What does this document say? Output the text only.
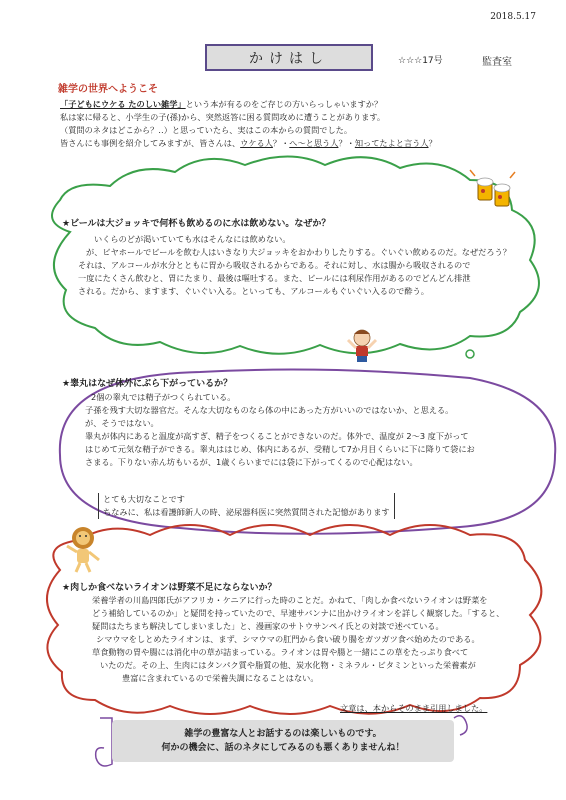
2018.5.17
かけはし	☆☆☆17号	監査室
雑学の世界へようこそ
「子どもにウケる たのしい雑学」という本が有るのをご存じの方いらっしゃいますか？
私は家に帰ると、小学生の子(孫)から、突然返答に困る質問攻めに遭うことがあります。
（質問のネタはどこから？‥）と思っていたら、実はこの本からの質問でした。
皆さんにも事例を紹介してみますが、皆さんは、ウケる人？・へ～と思う人？・知ってたよと言う人？
★ビールは大ジョッキで何杯も飲めるのに水は飲めない。なぜか？
いくらのどが渇いていても水はそんなには飲めない。
が、ビヤホールでビールを飲む人はいきなり大ジョッキをおかわりしたりする。ぐいぐい飲めるのだ。なぜだろう？
それは、アルコールが水分とともに胃から吸収されるからである。それに対し、水は腸から吸収されるので
一度にたくさん飲むと、胃にたまり、最後は嘔吐する。また、ビールには利尿作用があるのでどんどん排泄
される。だから、ますます、ぐいぐい入る。といっても、アルコールもぐいぐい入るので酔う。
★睾丸はなぜ体外にぶら下がっているか？
2個の睾丸では精子がつくられている。
子孫を残す大切な器官だ。そんな大切なものなら体の中にあった方がいいのではないか、と思える。
が、そうではない。
睾丸が体内にあると温度が高すぎ、精子をつくることができないのだ。体外で、温度が 2～3 度下がって
はじめて元気な精子ができる。睾丸ははじめ、体内にあるが、受精して7か月目くらいに下に降りて袋にお
さまる。下りない赤ん坊もいるが、1歳くらいまでには袋に下がってくるので心配はない。
とても大切なことです
ちなみに、私は看護師新人の時、泌尿器科医に突然質問された記憶があります
★肉しか食べないライオンは野菜不足にならないか？
栄養学者の川島四郎氏がアフリカ・ケニアに行った時のことだ。かねて、「肉しか食べないライオンは野菜を
どう補給しているのか」と疑問を持っていたので、早速サバンナに出かけライオンを詳しく観察した。「すると、
疑問はたちまち解決してしまいました」と、漫画家のサトウサンペイ氏との対談で述べている。
シマウマをしとめたライオンは、まず、シマウマの肛門から食い破り腸をガツガツ食べ始めたのである。
草食動物の胃や腸には消化中の草が詰まっている。ライオンは胃や腸と一緒にこの草をたっぷり食べて
いたのだ。その上、生肉にはタンパク質や脂質の他、炭水化物・ミネラル・ビタミンといった栄養素が
豊富に含まれているので栄養失調になることはない。
文章は、本からそのまま引用しました。
雑学の豊富な人とお話するのは楽しいものです。
何かの機会に、話のネタにしてみるのも悪くありませんね！
